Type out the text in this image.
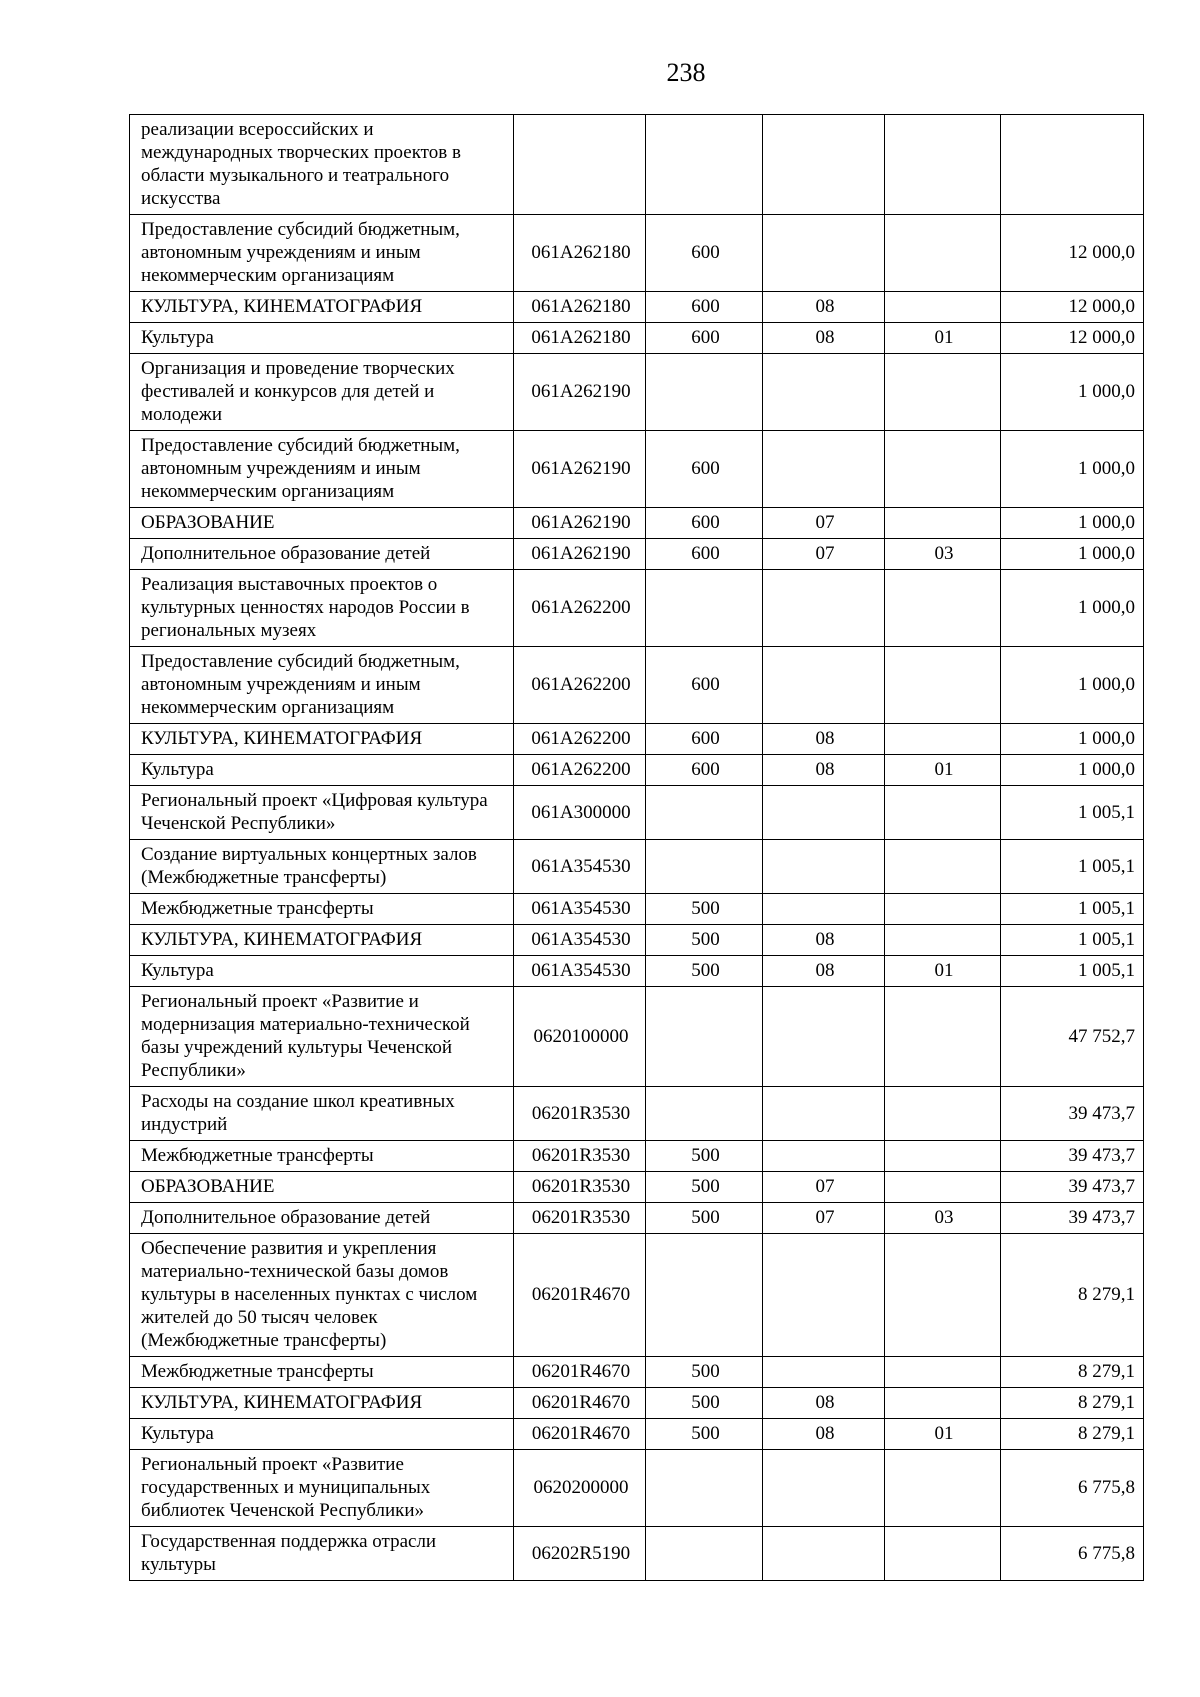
238
реализации всероссийских и международных творческих проектов в области музыкального и театрального искусства					
Предоставление субсидий бюджетным, автономным учреждениям и иным некоммерческим организациям	061A262180	600			12 000,0
КУЛЬТУРА, КИНЕМАТОГРАФИЯ	061A262180	600	08		12 000,0
Культура	061A262180	600	08	01	12 000,0
Организация и проведение творческих фестивалей и конкурсов для детей и молодежи	061A262190				1 000,0
Предоставление субсидий бюджетным, автономным учреждениям и иным некоммерческим организациям	061A262190	600			1 000,0
ОБРАЗОВАНИЕ	061A262190	600	07		1 000,0
Дополнительное образование детей	061A262190	600	07	03	1 000,0
Реализация выставочных проектов о культурных ценностях народов России в региональных музеях	061A262200				1 000,0
Предоставление субсидий бюджетным, автономным учреждениям и иным некоммерческим организациям	061A262200	600			1 000,0
КУЛЬТУРА, КИНЕМАТОГРАФИЯ	061A262200	600	08		1 000,0
Культура	061A262200	600	08	01	1 000,0
Региональный проект «Цифровая культура Чеченской Республики»	061A300000				1 005,1
Создание виртуальных концертных залов (Межбюджетные трансферты)	061A354530				1 005,1
Межбюджетные трансферты	061A354530	500			1 005,1
КУЛЬТУРА, КИНЕМАТОГРАФИЯ	061A354530	500	08		1 005,1
Культура	061A354530	500	08	01	1 005,1
Региональный проект «Развитие и модернизация материально-технической базы учреждений культуры Чеченской Республики»	0620100000				47 752,7
Расходы на создание школ креативных индустрий	06201R3530				39 473,7
Межбюджетные трансферты	06201R3530	500			39 473,7
ОБРАЗОВАНИЕ	06201R3530	500	07		39 473,7
Дополнительное образование детей	06201R3530	500	07	03	39 473,7
Обеспечение развития и укрепления материально-технической базы домов культуры в населенных пунктах с числом жителей до 50 тысяч человек (Межбюджетные трансферты)	06201R4670				8 279,1
Межбюджетные трансферты	06201R4670	500			8 279,1
КУЛЬТУРА, КИНЕМАТОГРАФИЯ	06201R4670	500	08		8 279,1
Культура	06201R4670	500	08	01	8 279,1
Региональный проект «Развитие государственных и муниципальных библиотек Чеченской Республики»	0620200000				6 775,8
Государственная поддержка отрасли культуры	06202R5190				6 775,8
